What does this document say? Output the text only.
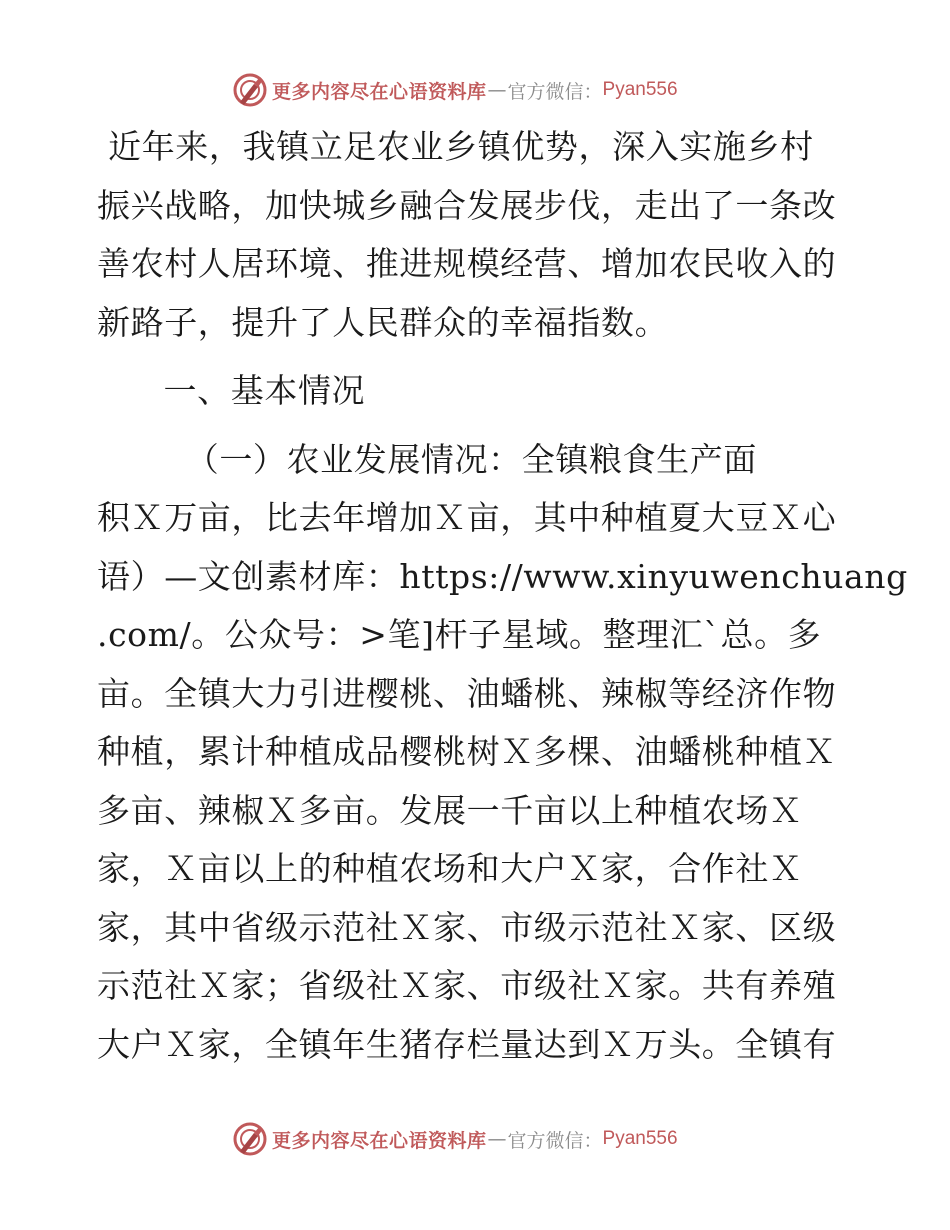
更多内容尽在心语资料库 — 官方微信： Pyan556
近年来，我镇立足农业乡镇优势，深入实施乡村
振兴战略，加快城乡融合发展步伐，走出了一条改
善农村人居环境、推进规模经营、增加农民收入的
新路子，提升了人民群众的幸福指数。
一、基本情况
（一）农业发展情况：全镇粮食生产面
积Ｘ万亩，比去年增加Ｘ亩，其中种植夏大豆Ｘ心
语）—文创素材库：https://www.xinyuwenchuang
.com/。公众号：>笔]杆子星域。整理汇`总。多
亩。全镇大力引进樱桃、油蟠桃、辣椒等经济作物
种植，累计种植成品樱桃树Ｘ多棵、油蟠桃种植Ｘ
多亩、辣椒Ｘ多亩。发展一千亩以上种植农场Ｘ
家，Ｘ亩以上的种植农场和大户Ｘ家，合作社Ｘ
家，其中省级示范社Ｘ家、市级示范社Ｘ家、区级
示范社Ｘ家；省级社Ｘ家、市级社Ｘ家。共有养殖
大户Ｘ家，全镇年生猪存栏量达到Ｘ万头。全镇有
更多内容尽在心语资料库 — 官方微信： Pyan556
